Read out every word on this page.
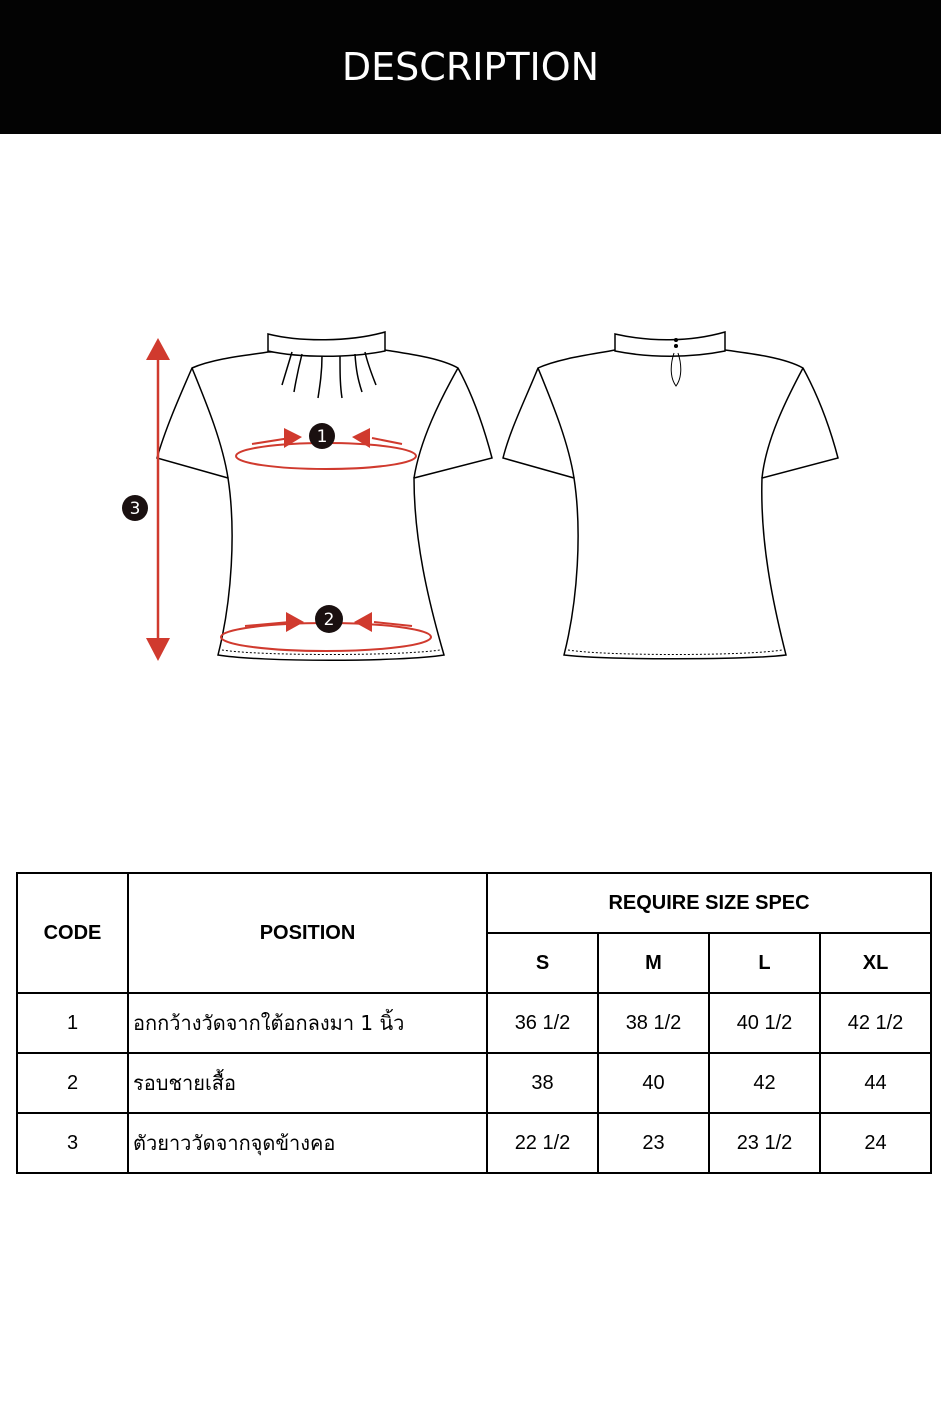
DESCRIPTION
1
2
3
CODE	POSITION	REQUIRE SIZE SPEC			
		S	M	L	XL
1	อกกว้างวัดจากใต้อกลงมา 1 นิ้ว	36 1/2	38 1/2	40 1/2	42 1/2
2	รอบชายเสื้อ	38	40	42	44
3	ตัวยาววัดจากจุดข้างคอ	22 1/2	23	23 1/2	24
